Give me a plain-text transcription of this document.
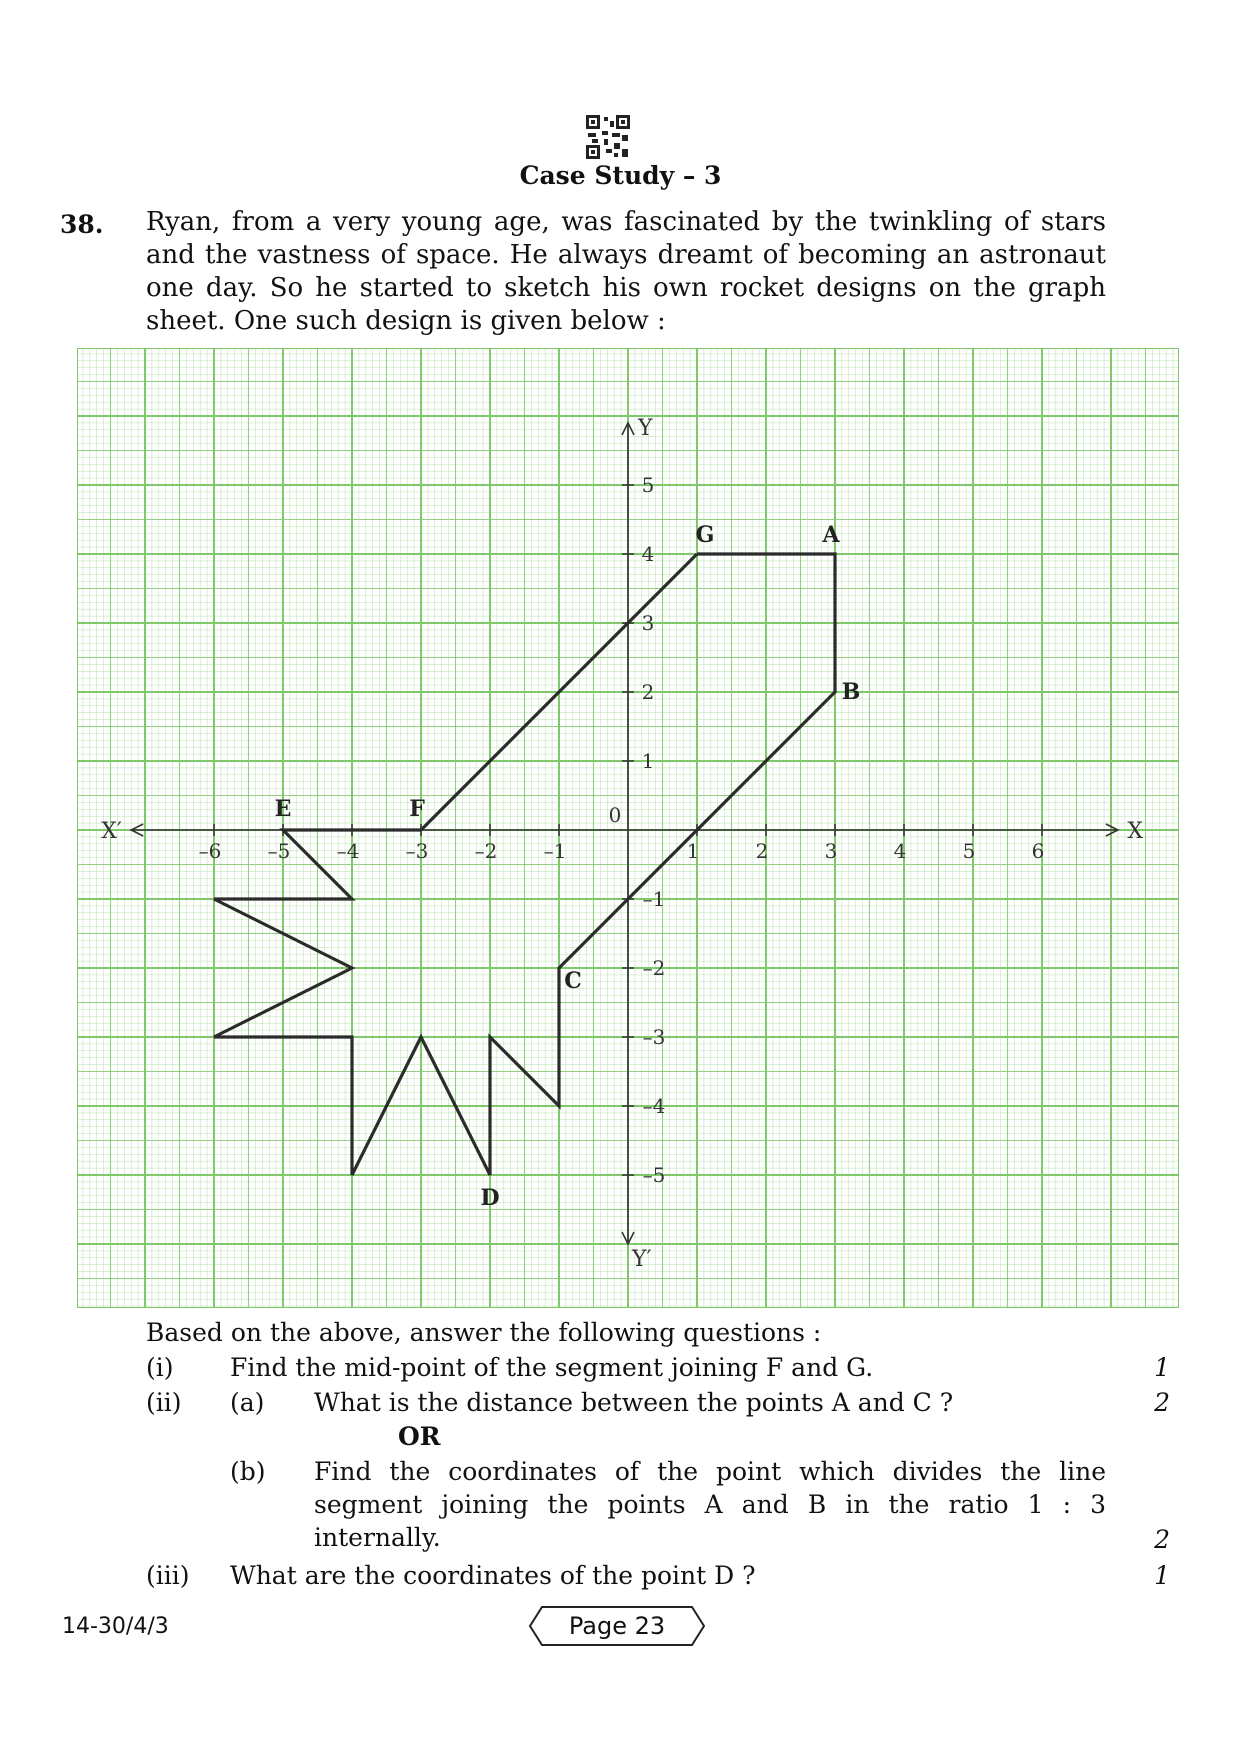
Case Study – 3
38. Ryan, from a very young age, was fascinated by the twinkling of stars and the vastness of space. He always dreamt of becoming an astronaut one day. So he started to sketch his own rocket designs on the graph sheet. One such design is given below :
–6 –5 –4 –3 –2 –1	1	2	3	4	5	6
5
4
3
2
1
–1
–2
–3
–4
–5
0
X
X′
Y
Y′
G	A
B
C
D
E	F
Based on the above, answer the following questions :
(i) Find the mid-point of the segment joining F and G.	1
(ii) (a) What is the distance between the points A and C ?	2
OR
(b) Find the coordinates of the point which divides the line segment joining the points A and B in the ratio 1 : 3 internally.	2
(iii) What are the coordinates of the point D ?	1
14-30/4/3	Page 23
